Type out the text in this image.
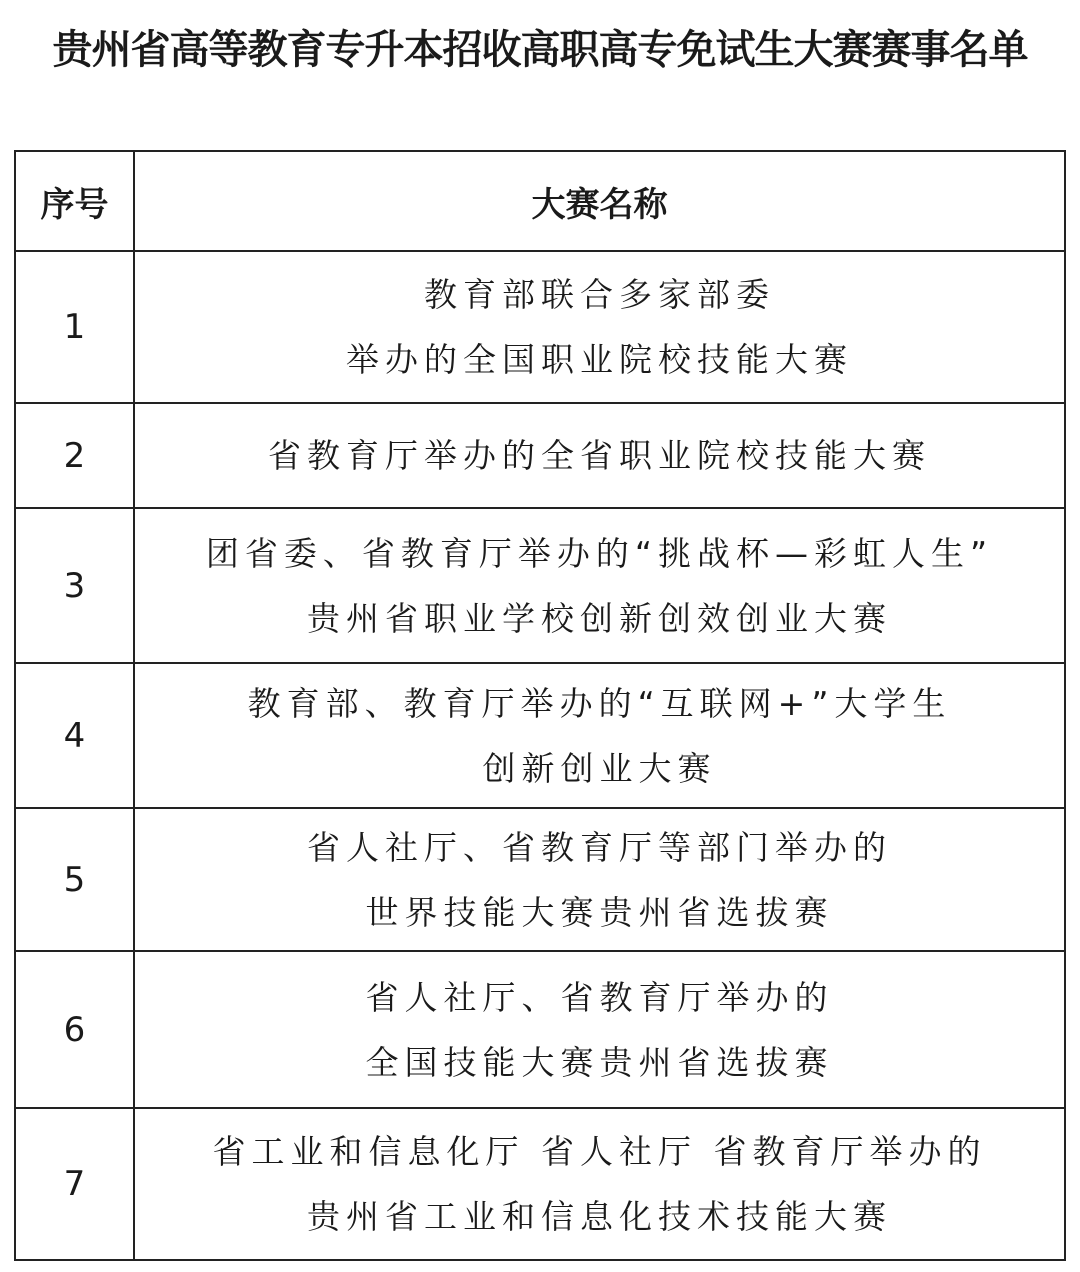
贵州省高等教育专升本招收高职高专免试生大赛赛事名单
序号	大赛名称
1	教育部联合多家部委
举办的全国职业院校技能大赛

2	省教育厅举办的全省职业院校技能大赛

3	团省委、省教育厅举办的“挑战杯—彩虹人生”
贵州省职业学校创新创效创业大赛

4	教育部、教育厅举办的“互联网+”大学生
创新创业大赛

5	省人社厅、省教育厅等部门举办的
世界技能大赛贵州省选拔赛

6	省人社厅、省教育厅举办的
全国技能大赛贵州省选拔赛

7	省工业和信息化厅 省人社厅 省教育厅举办的
贵州省工业和信息化技术技能大赛
